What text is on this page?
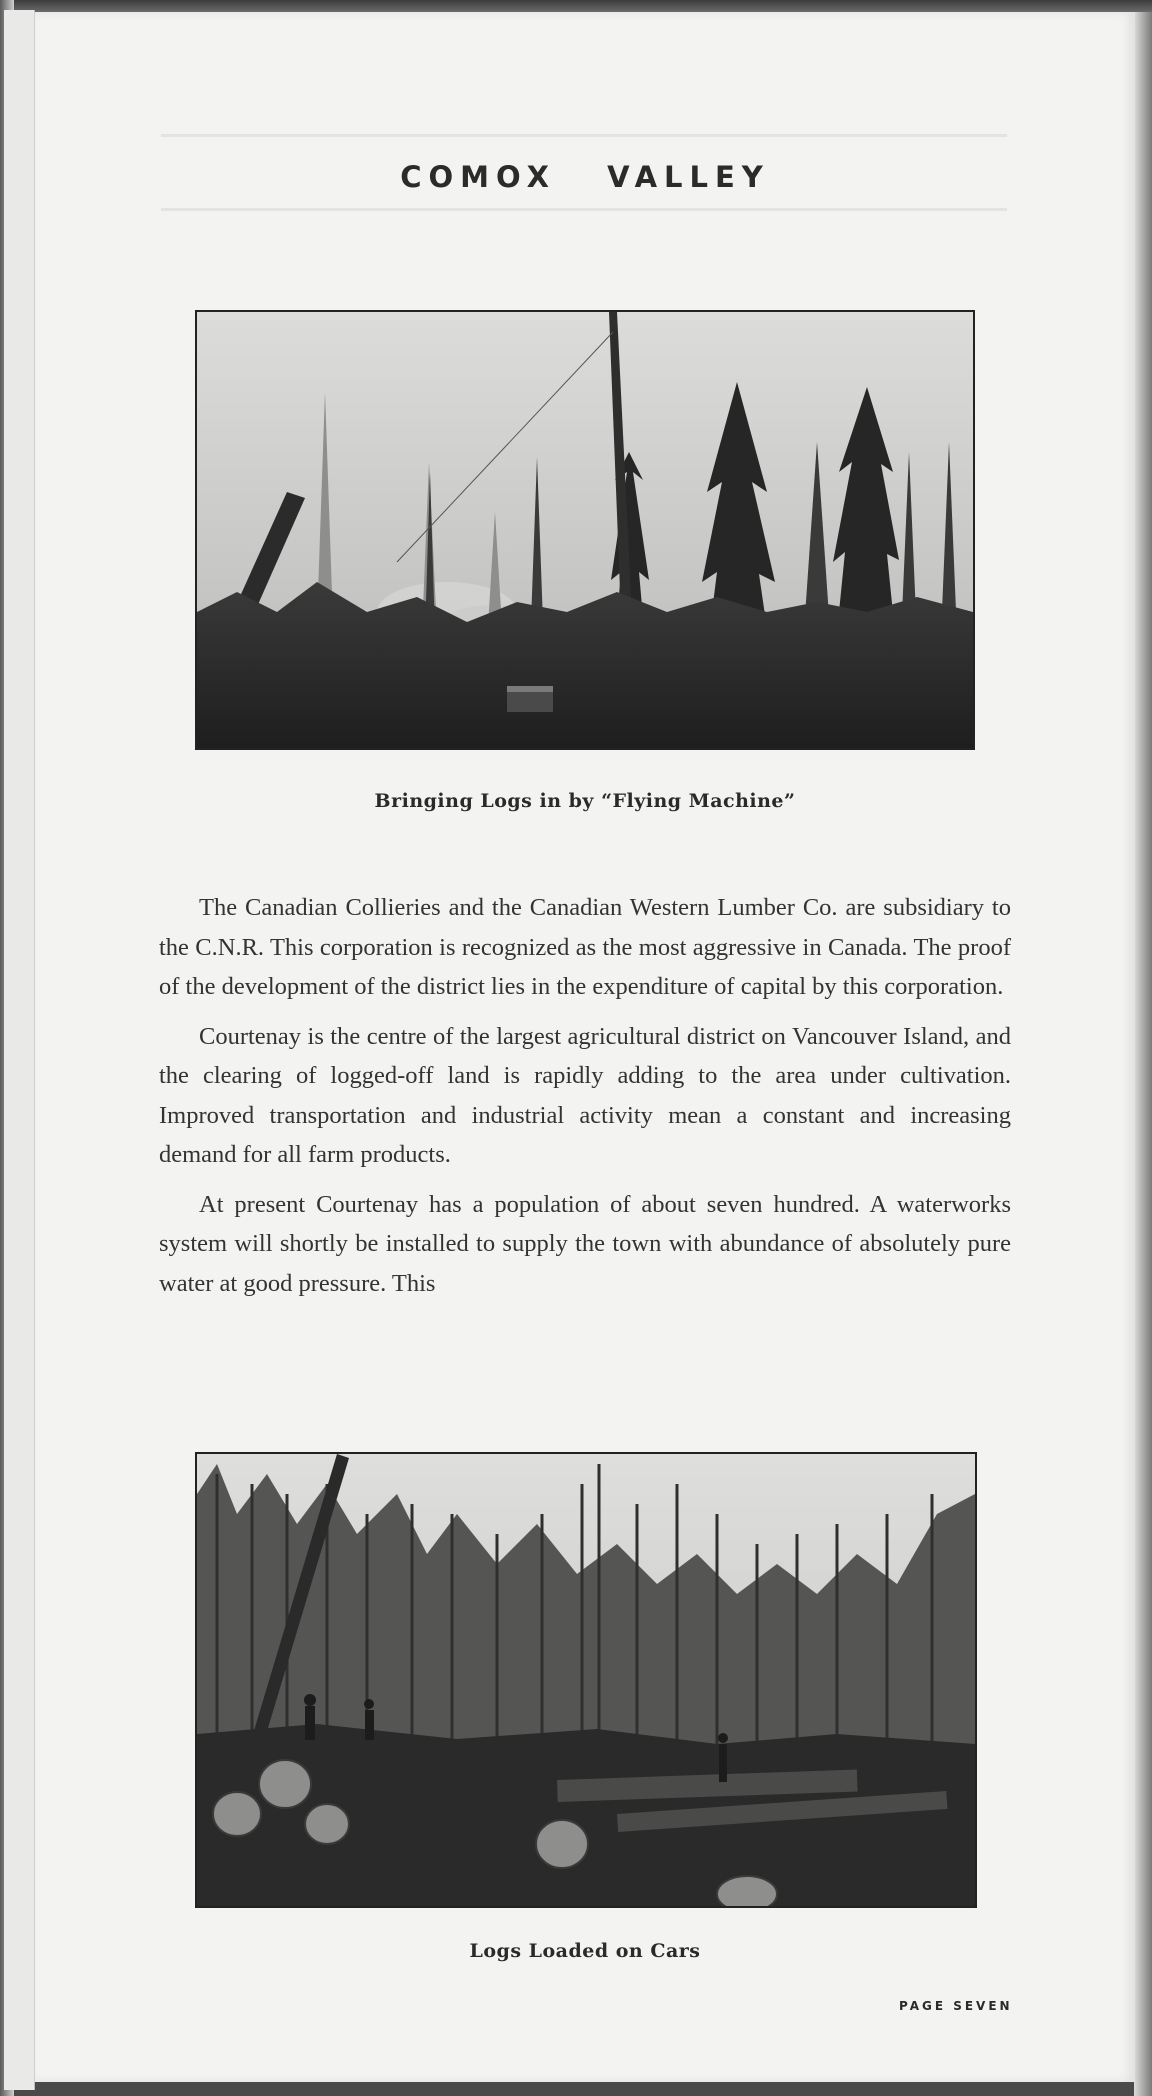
COMOX VALLEY
Bringing Logs in by “Flying Machine”

The Canadian Collieries and the Canadian Western Lumber Co. are subsidiary to the C.N.R. This corporation is recognized as the most aggressive in Canada. The proof of the development of the district lies in the expenditure of capital by this corporation.

Courtenay is the centre of the largest agricultural district on Vancouver Island, and the clearing of logged-off land is rapidly adding to the area under cultivation. Improved transportation and industrial activity mean a constant and increasing demand for all farm products.

At present Courtenay has a population of about seven hundred. A waterworks system will shortly be installed to supply the town with abundance of absolutely pure water at good pressure. This

Logs Loaded on Cars
PAGE SEVEN
